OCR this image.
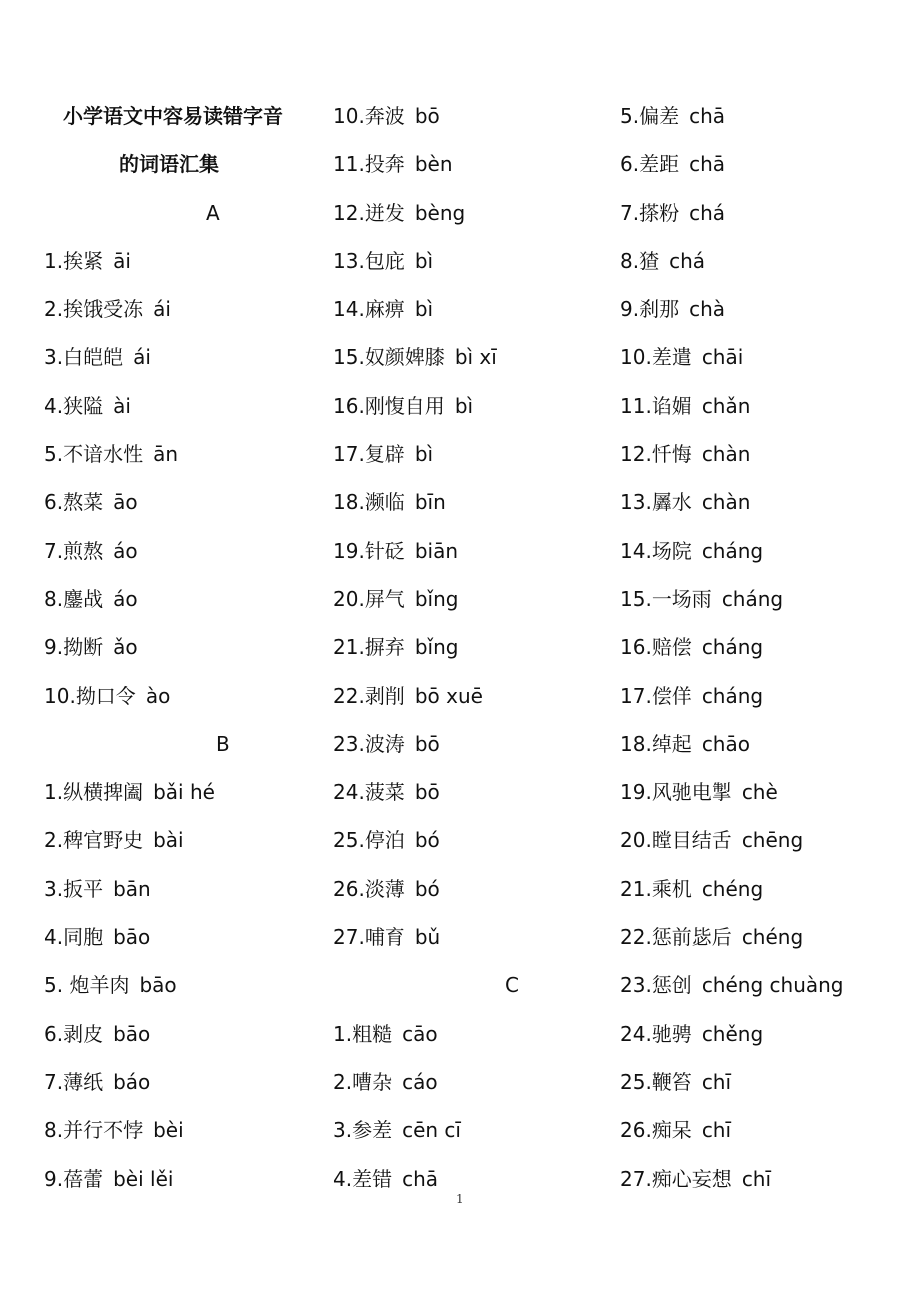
小学语文中容易读错字音
的词语汇集
A
1.挨紧 āi
2.挨饿受冻 ái
3.白皑皑 ái
4.狭隘 ài
5.不谙水性 ān
6.熬菜 āo
7.煎熬 áo
8.鏖战 áo
9.拗断 ǎo
10.拗口令 ào
B
1.纵横捭阖 bǎi hé
2.稗官野史 bài
3.扳平 bān
4.同胞 bāo
5. 炮羊肉 bāo
6.剥皮 bāo
7.薄纸 báo
8.并行不悖 bèi
9.蓓蕾 bèi lěi
10.奔波 bō
11.投奔 bèn
12.迸发 bèng
13.包庇 bì
14.麻痹 bì
15.奴颜婢膝 bì xī
16.刚愎自用 bì
17.复辟 bì
18.濒临 bīn
19.针砭 biān
20.屏气 bǐng
21.摒弃 bǐng
22.剥削 bō xuē
23.波涛 bō
24.菠菜 bō
25.停泊 bó
26.淡薄 bó
27.哺育 bǔ
C
1.粗糙 cāo
2.嘈杂 cáo
3.参差 cēn cī
4.差错 chā
5.偏差 chā
6.差距 chā
7.搽粉 chá
8.猹 chá
9.刹那 chà
10.差遣 chāi
11.谄媚 chǎn
12.忏悔 chàn
13.羼水 chàn
14.场院 cháng
15.一场雨 cháng
16.赔偿 cháng
17.偿佯 cháng
18.绰起 chāo
19.风驰电掣 chè
20.瞠目结舌 chēng
21.乘机 chéng
22.惩前毖后 chéng
23.惩创 chéng chuàng
24.驰骋 chěng
25.鞭笞 chī
26.痴呆 chī
27.痴心妄想 chī
1
